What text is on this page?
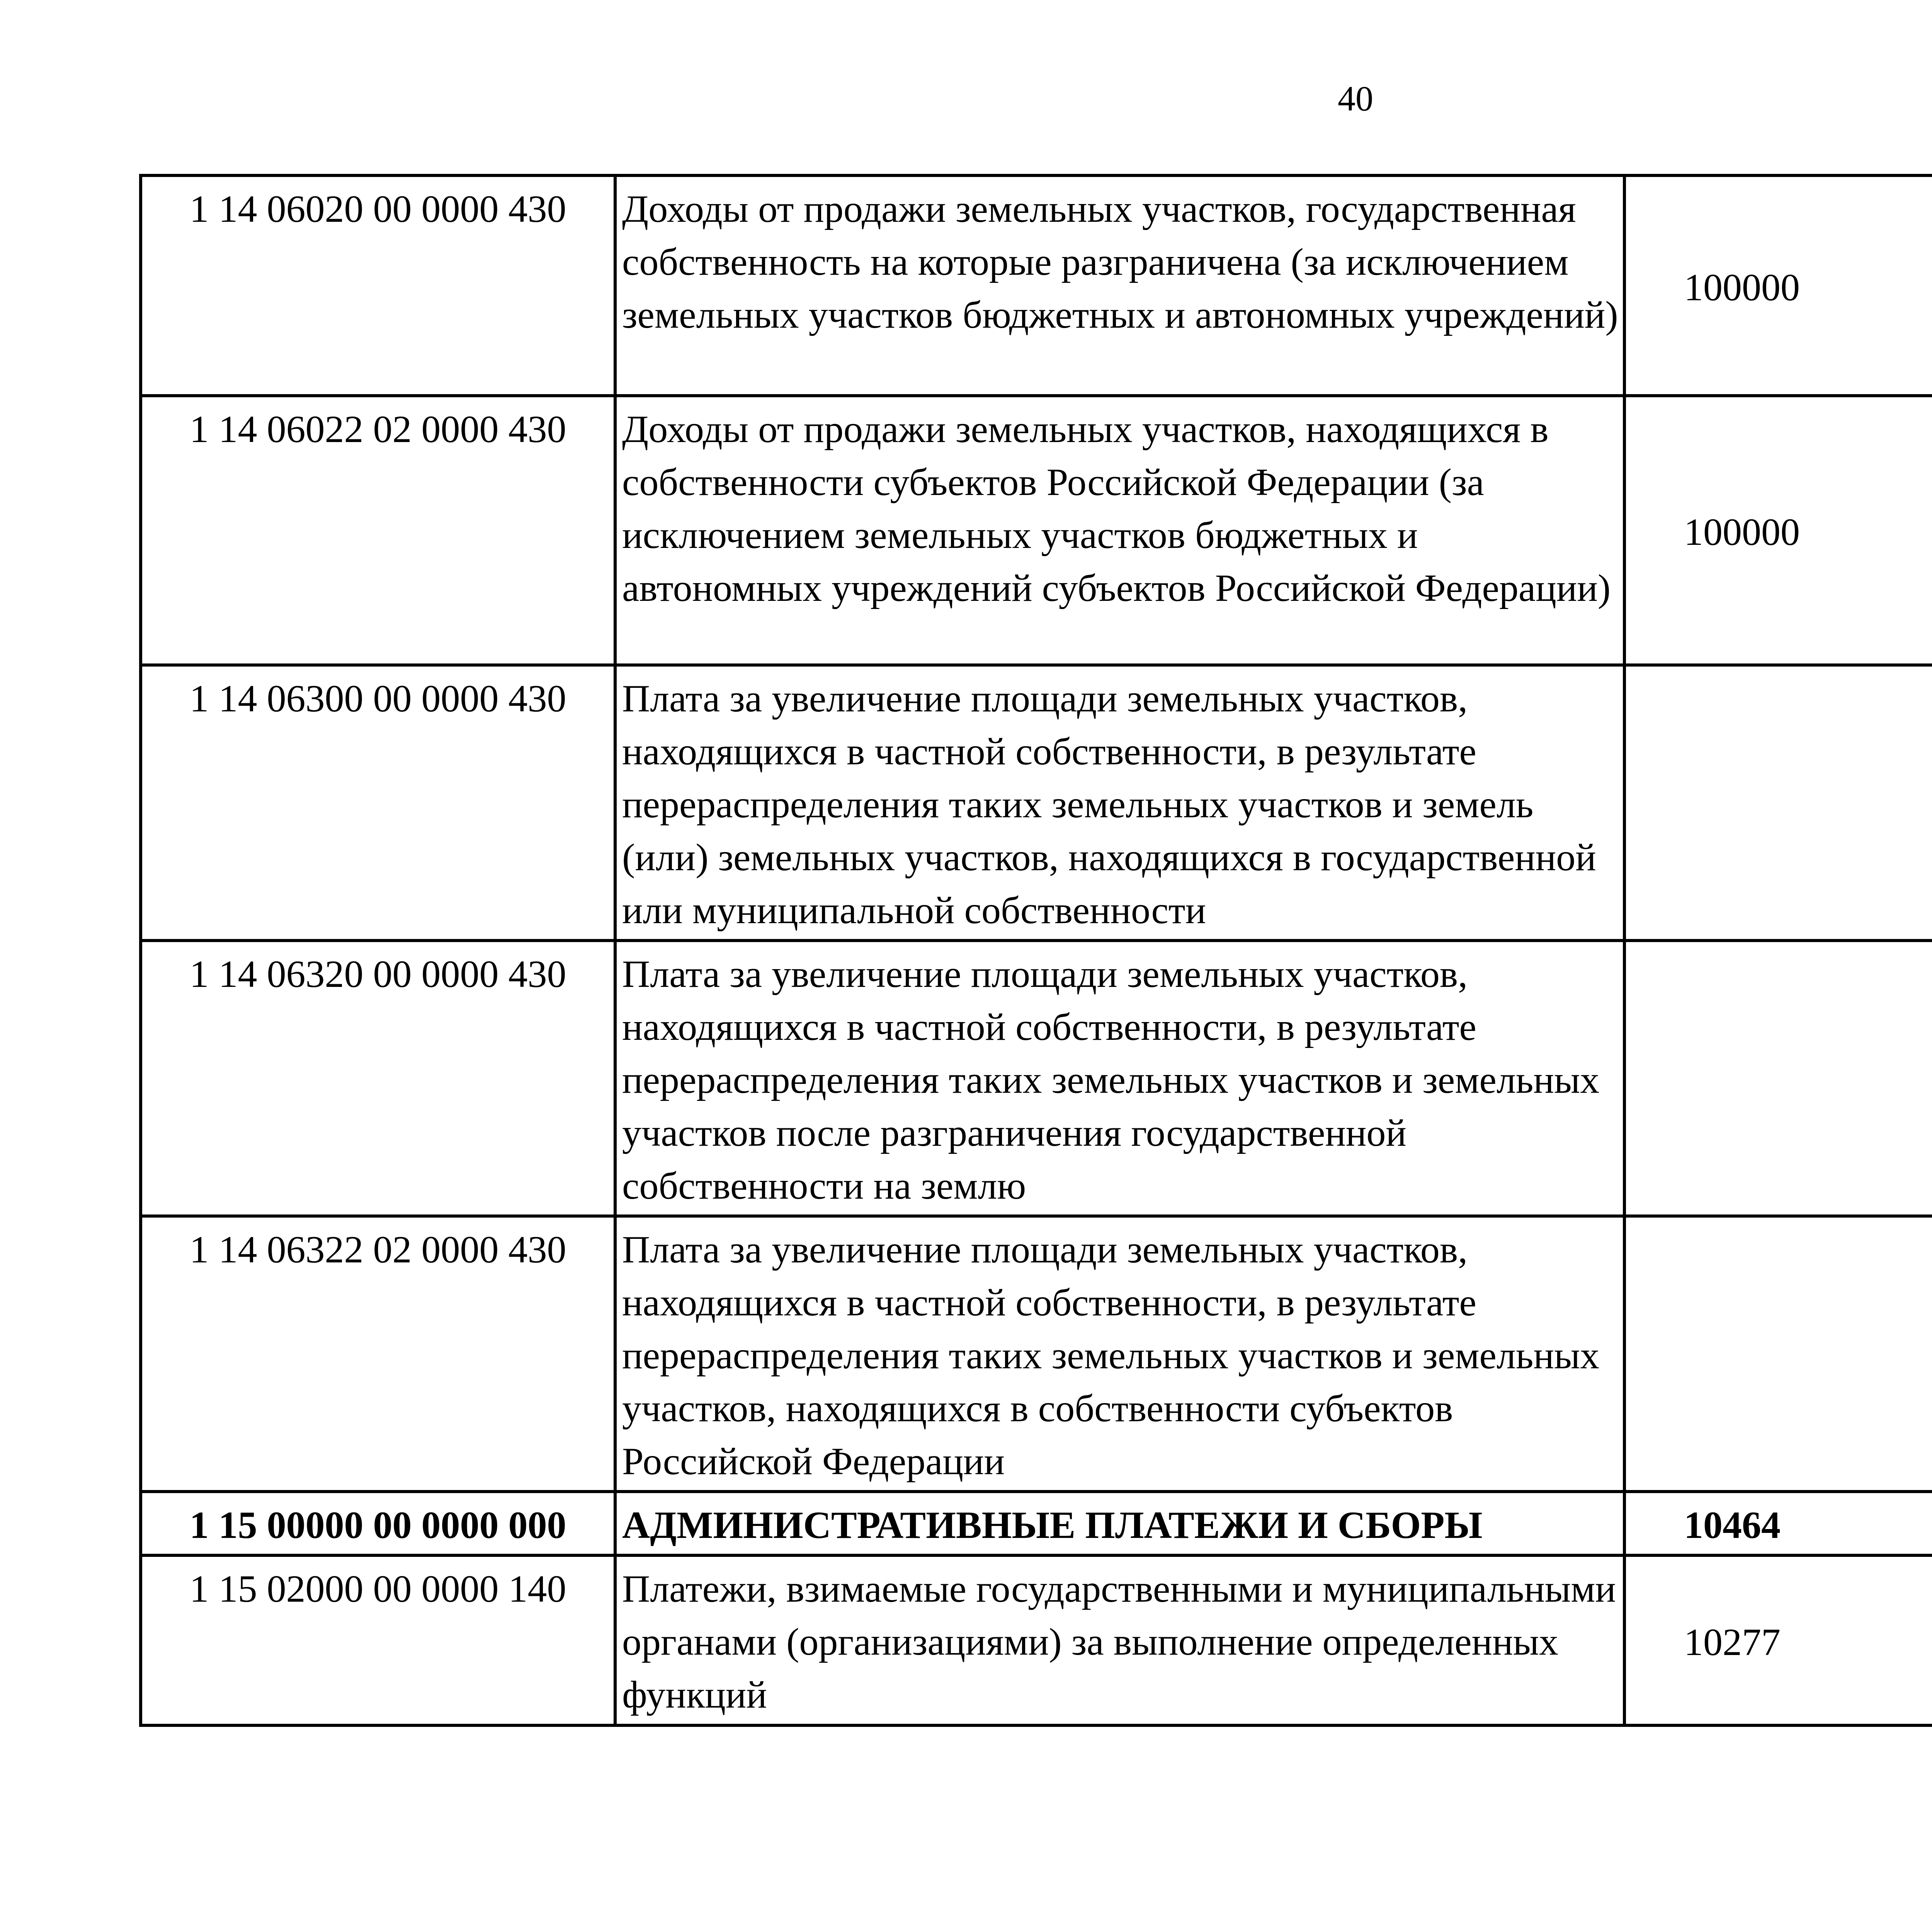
40
1 14 06020 00 0000 430	Доходы от продажи земельных участков, государственная собственность на которые разграничена (за исключением земельных участков бюджетных и автономных учреждений)	100000		
1 14 06022 02 0000 430	Доходы от продажи земельных участков, находящихся в собственности субъектов Российской Федерации (за исключением земельных участков бюджетных и автономных учреждений субъектов Российской Федерации)	100000		
1 14 06300 00 0000 430	Плата за увеличение площади земельных участков, находящихся в частной собственности, в результате перераспределения таких земельных участков и земель (или) земельных участков, находящихся в государственной или муниципальной собственности			
1 14 06320 00 0000 430	Плата за увеличение площади земельных участков, находящихся в частной собственности, в результате перераспределения таких земельных участков и земельных участков после разграничения государственной собственности на землю			
1 14 06322 02 0000 430	Плата за увеличение площади земельных участков, находящихся в частной собственности, в результате перераспределения таких земельных участков и земельных участков, находящихся в собственности субъектов Российской Федерации			
1 15 00000 00 0000 000	АДМИНИСТРАТИВНЫЕ ПЛАТЕЖИ И СБОРЫ	10464		
1 15 02000 00 0000 140	Платежи, взимаемые государственными и муниципальными органами (организациями) за выполнение определенных функций	10277		
